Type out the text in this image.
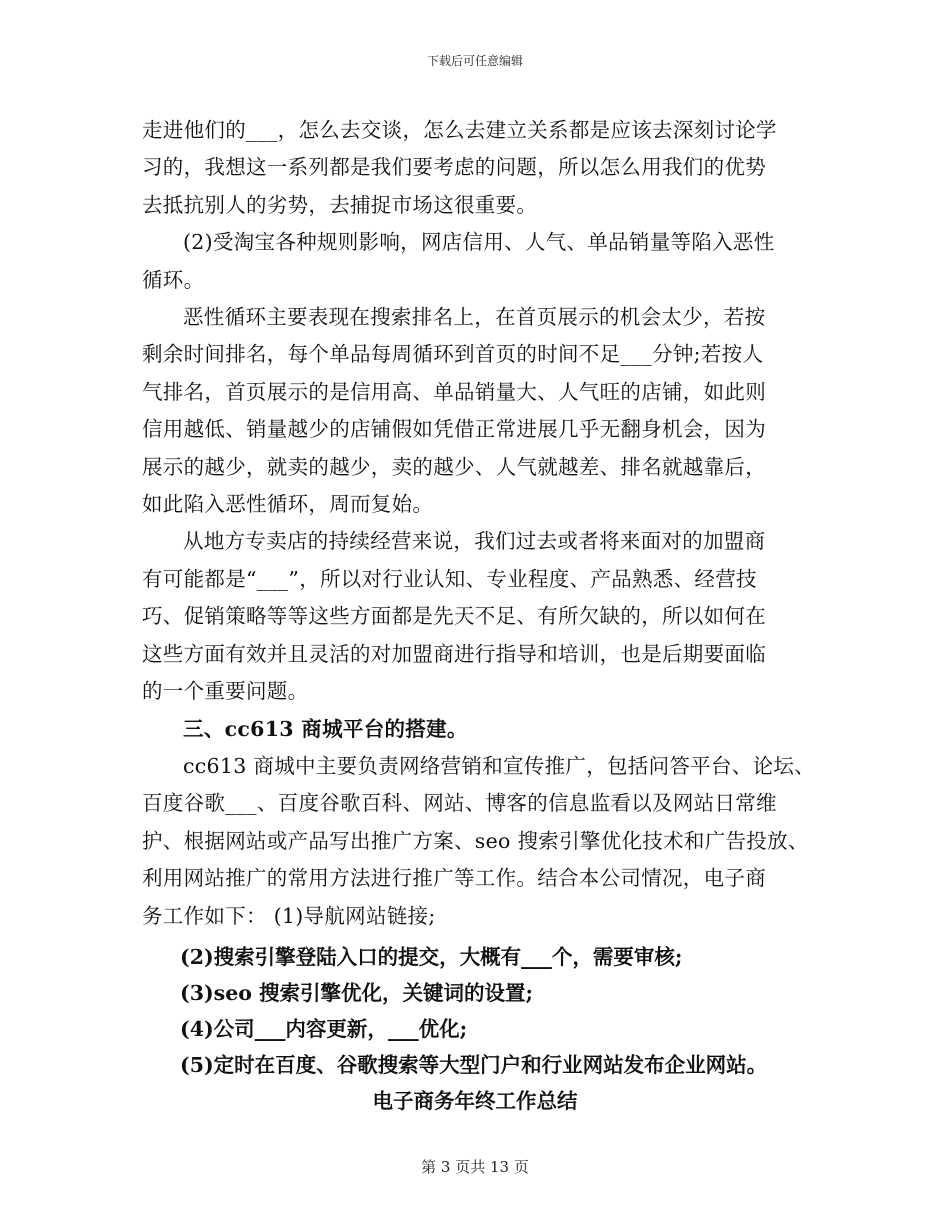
下载后可任意编辑
走进他们的___，怎么去交谈，怎么去建立关系都是应该去深刻讨论学
习的，我想这一系列都是我们要考虑的问题，所以怎么用我们的优势
去抵抗别人的劣势，去捕捉市场这很重要。
(2)受淘宝各种规则影响，网店信用、人气、单品销量等陷入恶性
循环。
恶性循环主要表现在搜索排名上，在首页展示的机会太少，若按
剩余时间排名，每个单品每周循环到首页的时间不足___分钟;若按人
气排名，首页展示的是信用高、单品销量大、人气旺的店铺，如此则
信用越低、销量越少的店铺假如凭借正常进展几乎无翻身机会，因为
展示的越少，就卖的越少，卖的越少、人气就越差、排名就越靠后，
如此陷入恶性循环，周而复始。
从地方专卖店的持续经营来说，我们过去或者将来面对的加盟商
有可能都是“___”，所以对行业认知、专业程度、产品熟悉、经营技
巧、促销策略等等这些方面都是先天不足、有所欠缺的，所以如何在
这些方面有效并且灵活的对加盟商进行指导和培训，也是后期要面临
的一个重要问题。
三、cc613 商城平台的搭建。
cc613 商城中主要负责网络营销和宣传推广，包括问答平台、论坛、
百度谷歌___、百度谷歌百科、网站、博客的信息监看以及网站日常维
护、根据网站或产品写出推广方案、seo 搜索引擎优化技术和广告投放、
利用网站推广的常用方法进行推广等工作。结合本公司情况，电子商
务工作如下： (1)导航网站链接;
(2)搜索引擎登陆入口的提交，大概有___个，需要审核;
(3)seo 搜索引擎优化，关键词的设置;
(4)公司___内容更新，___优化;
(5)定时在百度、谷歌搜索等大型门户和行业网站发布企业网站。
电子商务年终工作总结
第 3 页共 13 页
